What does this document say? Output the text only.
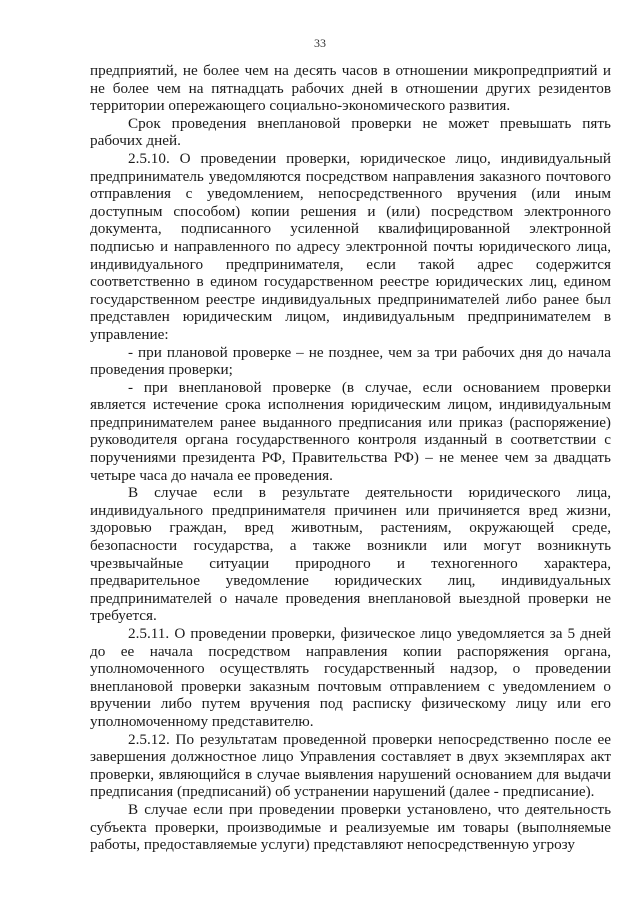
33

предприятий, не более чем на десять часов в отношении микропредприятий и не более чем на пятнадцать рабочих дней в отношении других резидентов территории опережающего социально-экономического развития.

Срок проведения внеплановой проверки не может превышать пять рабочих дней.

2.5.10. О проведении проверки, юридическое лицо, индивидуальный предприниматель уведомляются посредством направления заказного почтового отправления с уведомлением, непосредственного вручения (или иным доступным способом) копии решения и (или) посредством электронного документа, подписанного усиленной квалифицированной электронной подписью и направленного по адресу электронной почты юридического лица, индивидуального предпринимателя, если такой адрес содержится соответственно в едином государственном реестре юридических лиц, едином государственном реестре индивидуальных предпринимателей либо ранее был представлен юридическим лицом, индивидуальным предпринимателем в управление:

- при плановой проверке – не позднее, чем за три рабочих дня до начала проведения проверки;

- при внеплановой проверке (в случае, если основанием проверки является истечение срока исполнения юридическим лицом, индивидуальным предпринимателем ранее выданного предписания или приказ (распоряжение) руководителя органа государственного контроля изданный в соответствии с поручениями президента РФ, Правительства РФ) – не менее чем за двадцать четыре часа до начала ее проведения.

В случае если в результате деятельности юридического лица, индивидуального предпринимателя причинен или причиняется вред жизни, здоровью граждан, вред животным, растениям, окружающей среде, безопасности государства, а также возникли или могут возникнуть чрезвычайные ситуации природного и техногенного характера, предварительное уведомление юридических лиц, индивидуальных предпринимателей о начале проведения внеплановой выездной проверки не требуется.

2.5.11. О проведении проверки, физическое лицо уведомляется за 5 дней до ее начала посредством направления копии распоряжения органа, уполномоченного осуществлять государственный надзор, о проведении внеплановой проверки заказным почтовым отправлением с уведомлением о вручении либо путем вручения под расписку физическому лицу или его уполномоченному представителю.

2.5.12. По результатам проведенной проверки непосредственно после ее завершения должностное лицо Управления составляет в двух экземплярах акт проверки, являющийся в случае выявления нарушений основанием для выдачи предписания (предписаний) об устранении нарушений (далее - предписание).

В случае если при проведении проверки установлено, что деятельность субъекта проверки, производимые и реализуемые им товары (выполняемые работы, предоставляемые услуги) представляют непосредственную угрозу
